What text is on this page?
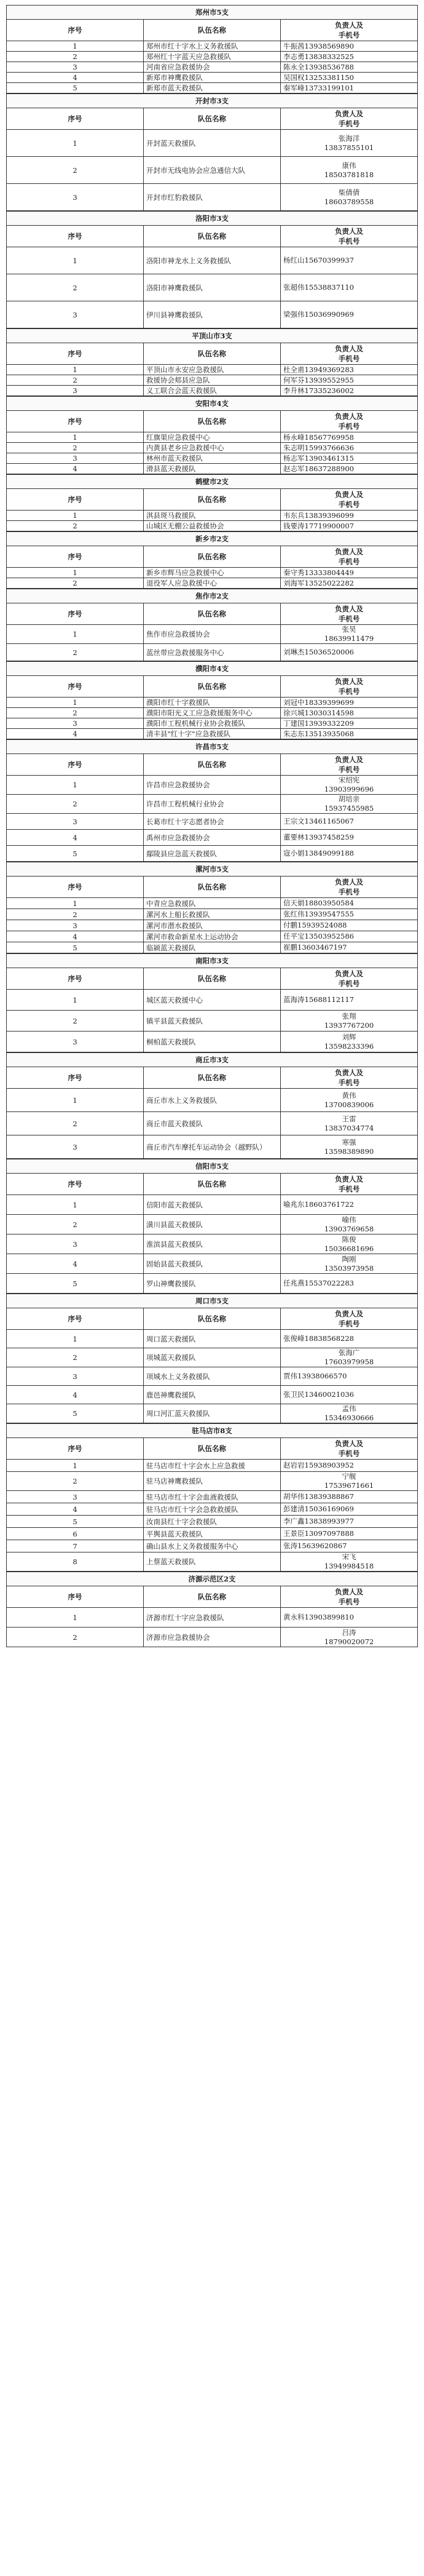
郑州市5支		
序号	队伍名称	负责人及
手机号

1	郑州市红十字水上义务救援队	牛振茜13938569890

2	郑州红十字蓝天应急救援队	李志勇13838332525

3	河南省应急救援协会	陈永全13938536788

4	新郑市神鹰救援队	吴国权13253381150

5	新郑市蓝天救援队	秦军峰13733199101
开封市3支		
序号	队伍名称	负责人及
手机号

1	开封蓝天救援队	张海洋
13837855101

2	开封市无线电协会应急通信大队	康伟
18503781818

3	开封市红豹救援队	柴倩倩
18603789558
洛阳市3支		
序号	队伍名称	负责人及
手机号

1	洛阳市神龙水上义务救援队	杨红山15670399937

2	洛阳市神鹰救援队	张超伟15538837110

3	伊川县神鹰救援队	梁强伟15036990969
平顶山市3支		
序号	队伍名称	负责人及
手机号

1	平顶山市永安应急救援队	杜全甫13949369283

2	救援协会郏县应急队	何军芬13939552955

3	义工联合会蓝天救援队	李升林17335236002
安阳市4支		
序号	队伍名称	负责人及
手机号

1	红旗渠应急救援中心	杨永峰18567769958

2	内黄县老乡应急救援中心	朱志明15993766636

3	林州市蓝天救援队	杨志军13903461315

4	滑县蓝天救援队	赵志军18637288900
鹤壁市2支		
序号	队伍名称	负责人及
手机号

1	淇县斑马救援队	韦东兵13839396099

2	山城区无棚公益救援协会	钱要涛17719900007
新乡市2支		
序号	队伍名称	负责人及
手机号

1	新乡市辉马应急救援中心	秦守秀13333804449

2	退役军人应急救援中心	刘海军13525022282
焦作市2支		
序号	队伍名称	负责人及
手机号

1	焦作市应急救援协会	张昊
18639911479

2	蓝丝带应急救援服务中心	刘琳杰15036520006
濮阳市4支		
序号	队伍名称	负责人及
手机号

1	濮阳市红十字救援队	刘冠中18339399699

2	濮阳市阳光义工应急救援服务中心	徐兴城13030314598

3	濮阳市工程机械行业协会救援队	丁建国13939332209

4	清丰县"红十字"应急救援队	朱志东13513935068
许昌市5支		
序号	队伍名称	负责人及
手机号

1	许昌市应急救援协会	宋绍宪
13903999696

2	许昌市工程机械行业协会	胡培亲
15937455985

3	长葛市红十字志愿者协会	王宗文13461165067

4	禹州市应急救援协会	董要林13937458259

5	鄢陵县应急蓝天救援队	寇小娟13849099188
漯河市5支		
序号	队伍名称	负责人及
手机号

1	中青应急救援队	信天娟18803950584

2	漯河水上船长救援队	张红伟13939547555

3	漯河市潜水救援队	付鹏15939524088

4	漯河市救命新星水上运动协会	任平宝13503952586

5	临颍蓝天救援队	崔鹏13603467197
南阳市3支		
序号	队伍名称	负责人及
手机号

1	城区蓝天救援中心	蓝海涛15688112117

2	镇平县蓝天救援队	张翔
13937767200

3	桐柏蓝天救援队	刘辉
13598233396
商丘市3支		
序号	队伍名称	负责人及
手机号

1	商丘市水上义务救援队	黄伟
13700839006

2	商丘市蓝天救援队	王雷
13837034774

3	商丘市汽车摩托车运动协会（越野队）	寒强
13598389890
信阳市5支		
序号	队伍名称	负责人及
手机号

1	信阳市蓝天救援队	喻兆东18603761722

2	潢川县蓝天救援队	喻伟
13903769658

3	淮滨县蓝天救援队	陈俊
15036681696

4	固始县蓝天救援队	陶刚
13503973958

5	罗山神鹰救援队	任兆燕15537022283
周口市5支		
序号	队伍名称	负责人及
手机号

1	周口蓝天救援队	张俊峰18838568228

2	项城蓝天救援队	张海广
17603979958

3	项城水上义务救援队	贾伟13938066570

4	鹿邑神鹰救援队	张卫民13460021036

5	周口河汇蓝天救援队	孟伟
15346930666
驻马店市8支		
序号	队伍名称	负责人及
手机号

1	驻马店市红十字会水上应急救援	赵岩岩15938903952

2	驻马店神鹰救援队	宁舰
17539671661

3	驻马店市红十字会血液救援队	胡华伟13839388867

4	驻马店市红十字会急救救援队	彭建清15036169069

5	汝南县红十字会救援队	李广鑫13838993977

6	平舆县蓝天救援队	王景臣13097097888

7	确山县水上义务救援服务中心	张涛15639620867

8	上蔡蓝天救援队	宋飞
13949984518
济源示范区2支		
序号	队伍名称	负责人及
手机号

1	济源市红十字应急救援队	黄永科13903899810

2	济源市应急救援协会	吕涛
18790020072
